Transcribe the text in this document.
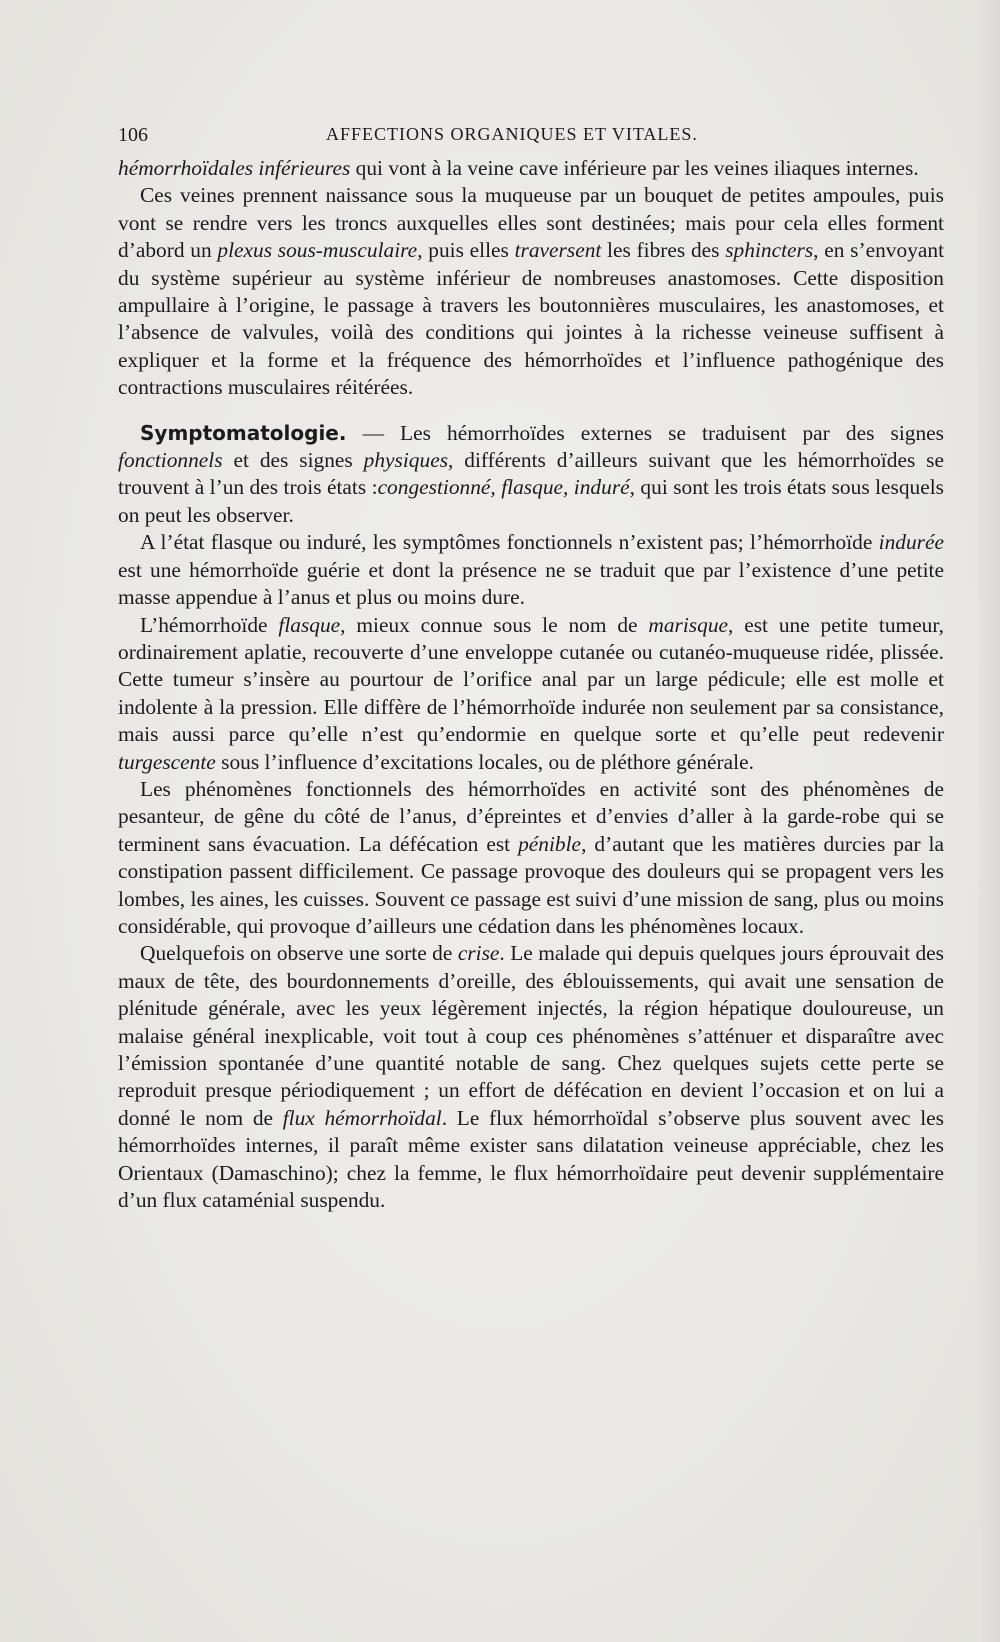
106	AFFECTIONS ORGANIQUES ET VITALES.

hémorrhoïdales inférieures qui vont à la veine cave inférieure par les veines iliaques internes.

Ces veines prennent naissance sous la muqueuse par un bouquet de petites ampoules, puis vont se rendre vers les troncs auxquelles elles sont destinées; mais pour cela elles forment d’abord un plexus sous-musculaire, puis elles traversent les fibres des sphincters, en s’envoyant du système supérieur au système inférieur de nombreuses anastomoses. Cette disposition ampullaire à l’origine, le passage à travers les boutonnières musculaires, les anastomoses, et l’absence de valvules, voilà des conditions qui jointes à la richesse veineuse suffisent à expliquer et la forme et la fréquence des hémorrhoïdes et l’influence pathogénique des contractions musculaires réitérées.

Symptomatologie. — Les hémorrhoïdes externes se traduisent par des signes fonctionnels et des signes physiques, différents d’ailleurs suivant que les hémorrhoïdes se trouvent à l’un des trois états :congestionné, flasque, induré, qui sont les trois états sous lesquels on peut les observer.

A l’état flasque ou induré, les symptômes fonctionnels n’existent pas; l’hémorrhoïde indurée est une hémorrhoïde guérie et dont la présence ne se traduit que par l’existence d’une petite masse appendue à l’anus et plus ou moins dure.

L’hémorrhoïde flasque, mieux connue sous le nom de marisque, est une petite tumeur, ordinairement aplatie, recouverte d’une enveloppe cutanée ou cutanéo-muqueuse ridée, plissée. Cette tumeur s’insère au pourtour de l’orifice anal par un large pédicule; elle est molle et indolente à la pression. Elle diffère de l’hémorrhoïde indurée non seulement par sa consistance, mais aussi parce qu’elle n’est qu’endormie en quelque sorte et qu’elle peut redevenir turgescente sous l’influence d’excitations locales, ou de pléthore générale.

Les phénomènes fonctionnels des hémorrhoïdes en activité sont des phénomènes de pesanteur, de gêne du côté de l’anus, d’épreintes et d’envies d’aller à la garde-robe qui se terminent sans évacuation. La défécation est pénible, d’autant que les matières durcies par la constipation passent difficilement. Ce passage provoque des douleurs qui se propagent vers les lombes, les aines, les cuisses. Souvent ce passage est suivi d’une mission de sang, plus ou moins considérable, qui provoque d’ailleurs une cédation dans les phénomènes locaux.

Quelquefois on observe une sorte de crise. Le malade qui depuis quelques jours éprouvait des maux de tête, des bourdonnements d’oreille, des éblouissements, qui avait une sensation de plénitude générale, avec les yeux légèrement injectés, la région hépatique douloureuse, un malaise général inexplicable, voit tout à coup ces phénomènes s’atténuer et disparaître avec l’émission spontanée d’une quantité notable de sang. Chez quelques sujets cette perte se reproduit presque périodiquement ; un effort de défécation en devient l’occasion et on lui a donné le nom de flux hémorrhoïdal. Le flux hémorrhoïdal s’observe plus souvent avec les hémorrhoïdes internes, il paraît même exister sans dilatation veineuse appréciable, chez les Orientaux (Damaschino); chez la femme, le flux hémorrhoïdaire peut devenir supplémentaire d’un flux cataménial suspendu.
